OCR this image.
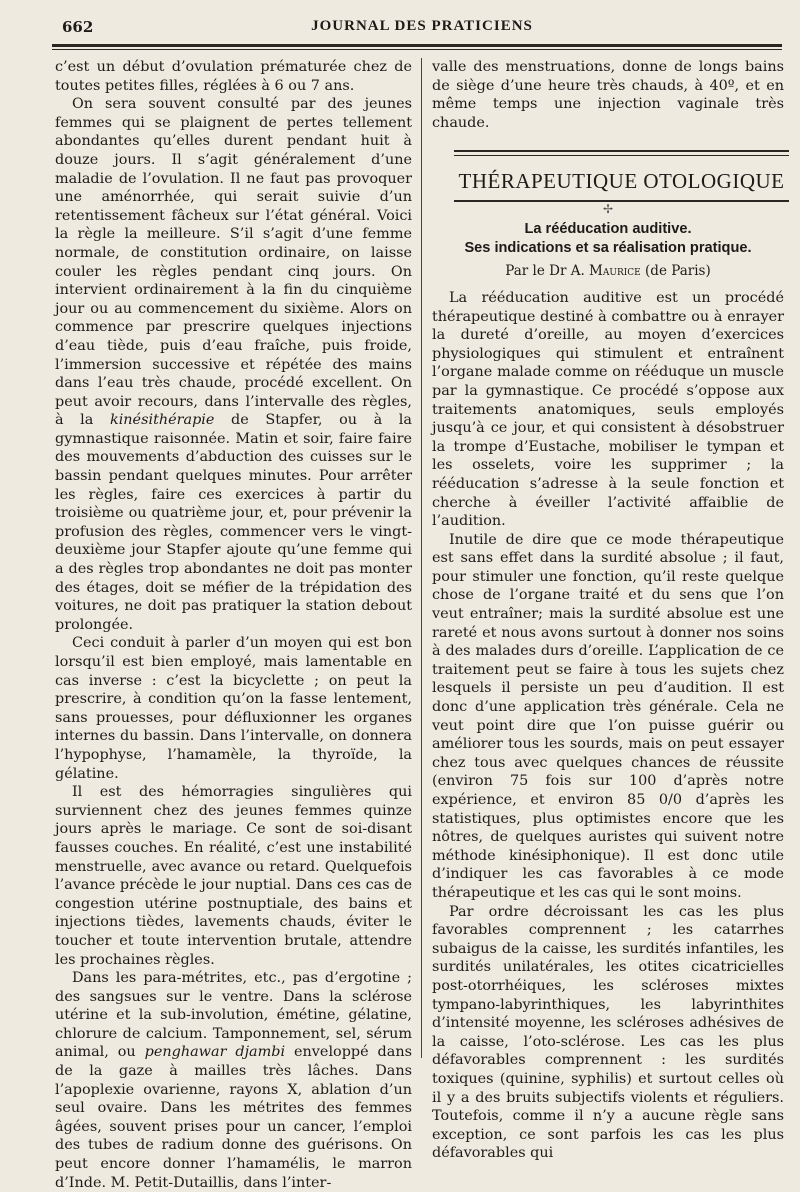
JOURNAL DES PRATICIENS
662

c’est un début d’ovulation prématurée chez de toutes petites filles, réglées à 6 ou 7 ans.

On sera souvent consulté par des jeunes femmes qui se plaignent de pertes tellement abondantes qu’elles durent pendant huit à douze jours. Il s’agit généralement d’une maladie de l’ovulation. Il ne faut pas provoquer une aménorrhée, qui serait suivie d’un retentissement fâcheux sur l’état général. Voici la règle la meilleure. S’il s’agit d’une femme normale, de constitution ordinaire, on laisse couler les règles pendant cinq jours. On intervient ordinairement à la fin du cinquième jour ou au commencement du sixième. Alors on commence par prescrire quelques injections d’eau tiède, puis d’eau fraîche, puis froide, l’immersion successive et répétée des mains dans l’eau très chaude, procédé excellent. On peut avoir recours, dans l’intervalle des règles, à la kinésithérapie de Stapfer, ou à la gymnastique raisonnée. Matin et soir, faire faire des mouvements d’abduction des cuisses sur le bassin pendant quelques minutes. Pour arrêter les règles, faire ces exercices à partir du troisième ou quatrième jour, et, pour prévenir la profusion des règles, commencer vers le vingt-deuxième jour Stapfer ajoute qu’une femme qui a des règles trop abondantes ne doit pas monter des étages, doit se méfier de la trépidation des voitures, ne doit pas pratiquer la station debout prolongée.

Ceci conduit à parler d’un moyen qui est bon lorsqu’il est bien employé, mais lamentable en cas inverse : c’est la bicyclette ; on peut la prescrire, à condition qu’on la fasse lentement, sans prouesses, pour défluxionner les organes internes du bassin. Dans l’intervalle, on donnera l’hypophyse, l’hamamèle, la thyroïde, la gélatine.

Il est des hémorragies singulières qui surviennent chez des jeunes femmes quinze jours après le mariage. Ce sont de soi-disant fausses couches. En réalité, c’est une instabilité menstruelle, avec avance ou retard. Quelquefois l’avance précède le jour nuptial. Dans ces cas de congestion utérine postnuptiale, des bains et injections tièdes, lavements chauds, éviter le toucher et toute intervention brutale, attendre les prochaines règles.

Dans les para-métrites, etc., pas d’ergotine ; des sangsues sur le ventre. Dans la sclérose utérine et la sub-involution, émétine, gélatine, chlorure de calcium. Tamponnement, sel, sérum animal, ou penghawar djambi enveloppé dans de la gaze à mailles très lâches. Dans l’apoplexie ovarienne, rayons X, ablation d’un seul ovaire. Dans les métrites des femmes âgées, souvent prises pour un cancer, l’emploi des tubes de radium donne des guérisons. On peut encore donner l’hamamélis, le marron d’Inde. M. Petit-Dutaillis, dans l’inter-

valle des menstruations, donne de longs bains de siège d’une heure très chauds, à 40º, et en même temps une injection vaginale très chaude.

THÉRAPEUTIQUE OTOLOGIQUE
✢
La rééducation auditive.
Ses indications et sa réalisation pratique.
Par le Dr A. Maurice (de Paris)

La rééducation auditive est un procédé thérapeutique destiné à combattre ou à enrayer la dureté d’oreille, au moyen d’exercices physiologiques qui stimulent et entraînent l’organe malade comme on rééduque un muscle par la gymnastique. Ce procédé s’oppose aux traitements anatomiques, seuls employés jusqu’à ce jour, et qui consistent à désobstruer la trompe d’Eustache, mobiliser le tympan et les osselets, voire les supprimer ; la rééducation s’adresse à la seule fonction et cherche à éveiller l’activité affaiblie de l’audition.

Inutile de dire que ce mode thérapeutique est sans effet dans la surdité absolue ; il faut, pour stimuler une fonction, qu’il reste quelque chose de l’organe traité et du sens que l’on veut entraîner; mais la surdité absolue est une rareté et nous avons surtout à donner nos soins à des malades durs d’oreille. L’application de ce traitement peut se faire à tous les sujets chez lesquels il persiste un peu d’audition. Il est donc d’une application très générale. Cela ne veut point dire que l’on puisse guérir ou améliorer tous les sourds, mais on peut essayer chez tous avec quelques chances de réussite (environ 75 fois sur 100 d’après notre expérience, et environ 85 0/0 d’après les statistiques, plus optimistes encore que les nôtres, de quelques auristes qui suivent notre méthode kinésiphonique). Il est donc utile d’indiquer les cas favorables à ce mode thérapeutique et les cas qui le sont moins.

Par ordre décroissant les cas les plus favorables comprennent ; les catarrhes subaigus de la caisse, les surdités infantiles, les surdités unilatérales, les otites cicatricielles post-otorrhéiques, les scléroses mixtes tympano-labyrinthiques, les labyrinthites d’intensité moyenne, les scléroses adhésives de la caisse, l’oto-sclérose. Les cas les plus défavorables comprennent : les surdités toxiques (quinine, syphilis) et surtout celles où il y a des bruits subjectifs violents et réguliers. Toutefois, comme il n’y a aucune règle sans exception, ce sont parfois les cas les plus défavorables qui
